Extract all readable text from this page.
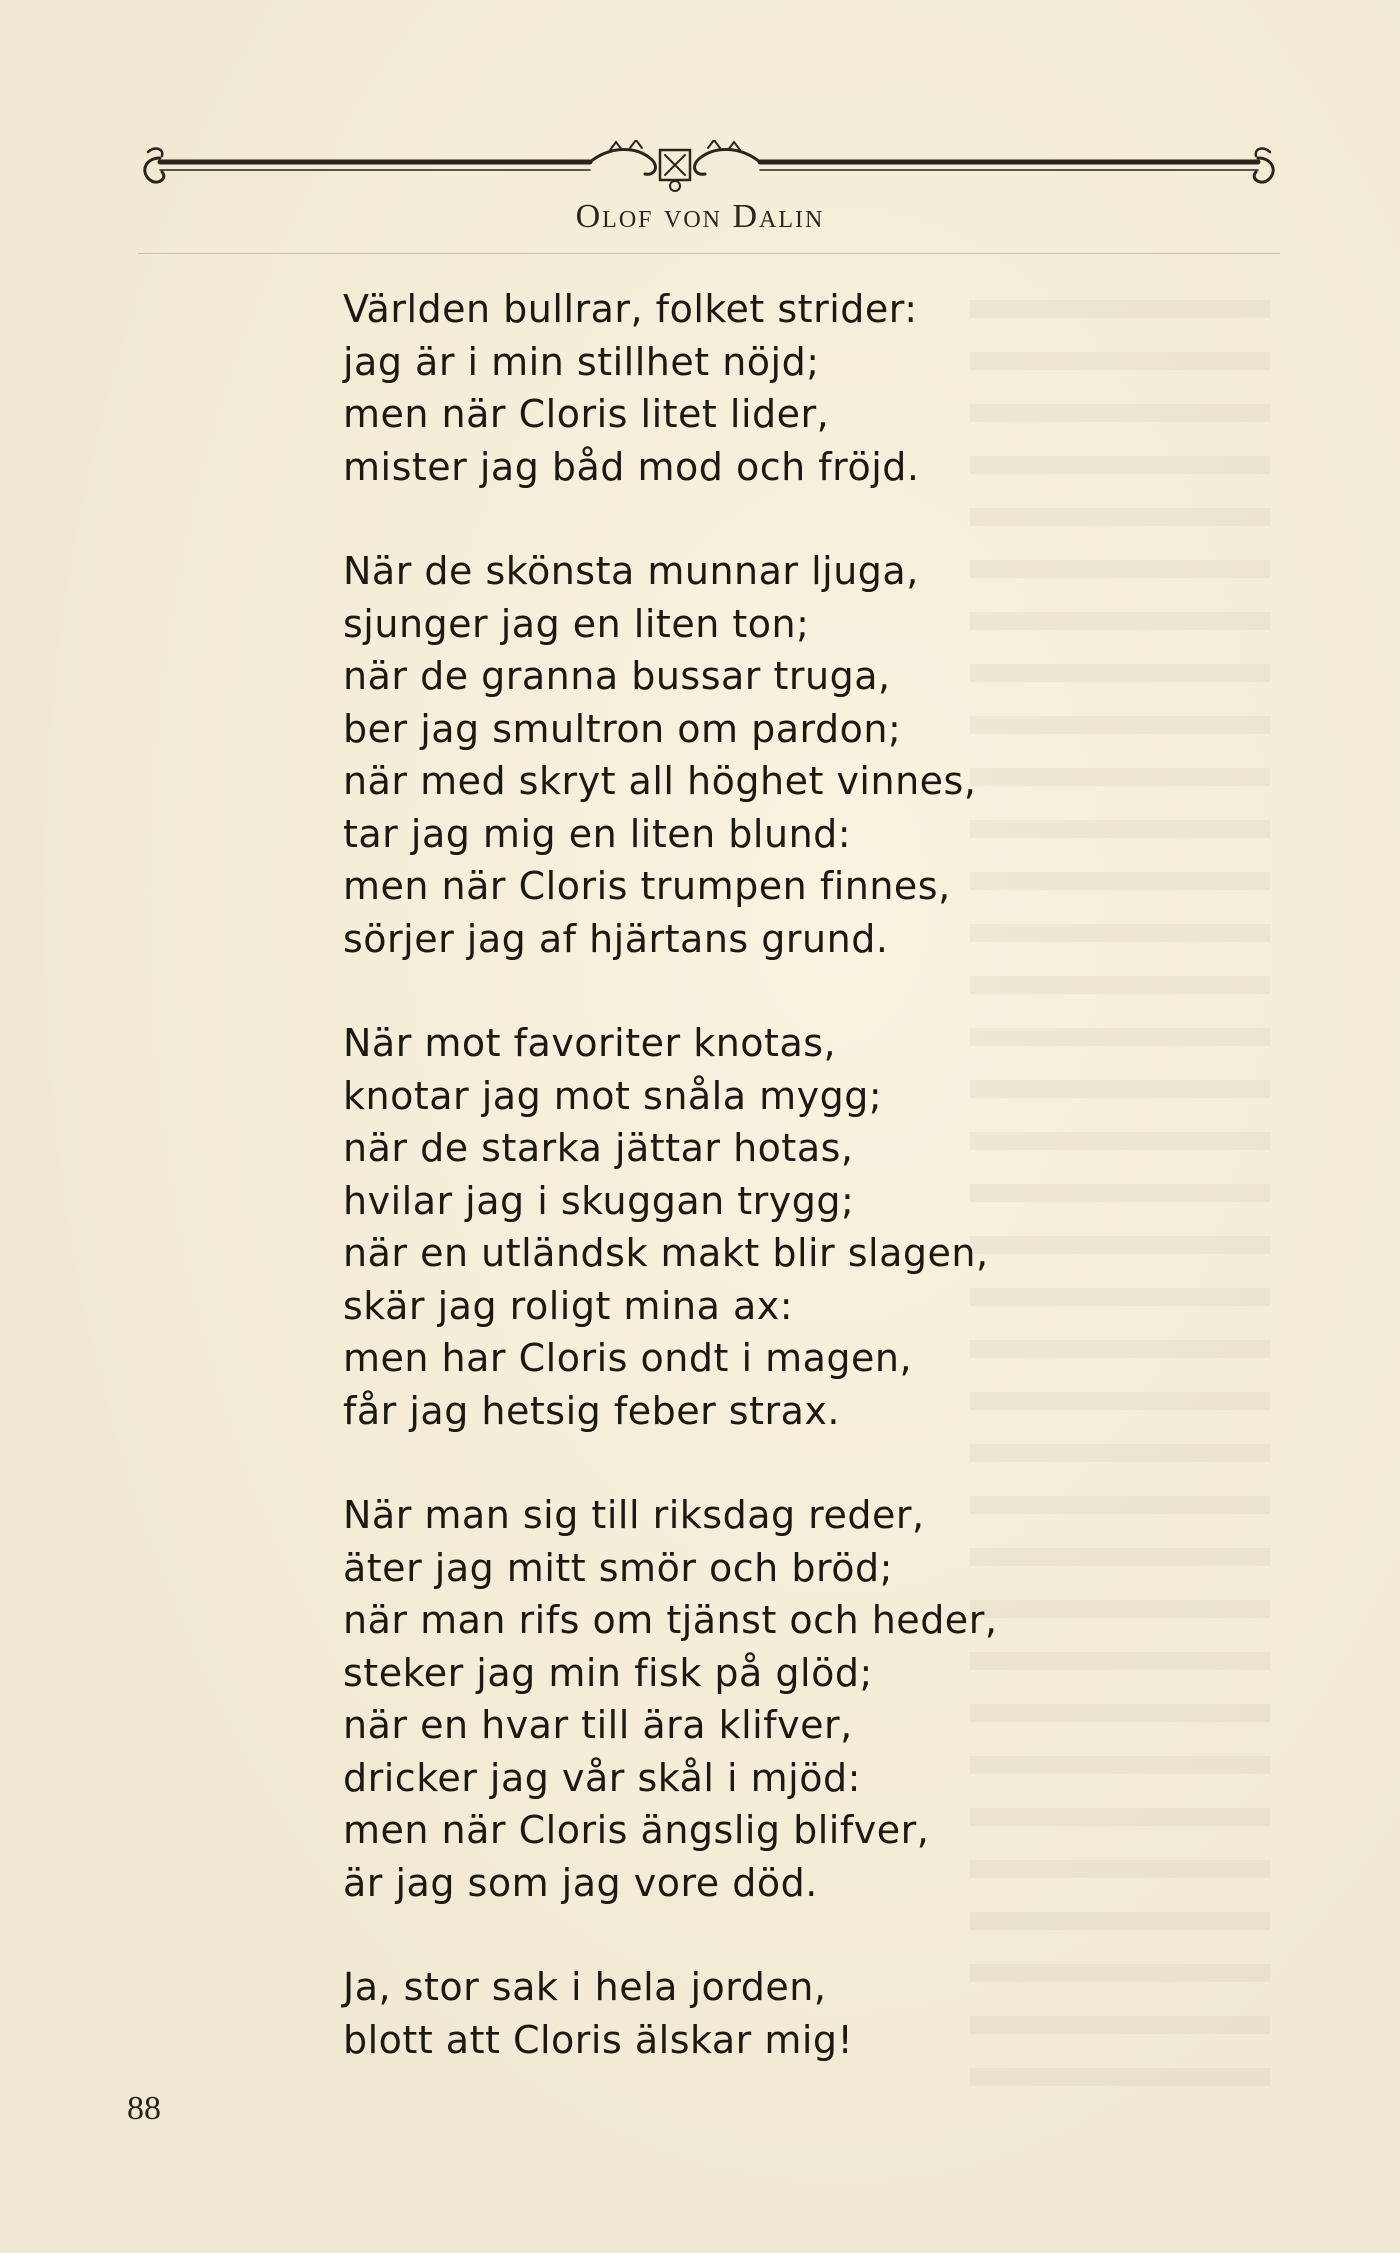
Olof von Dalin
Världen bullrar, folket strider:
jag är i min stillhet nöjd;
men när Cloris litet lider,
mister jag båd mod och fröjd.
När de skönsta munnar ljuga,
sjunger jag en liten ton;
när de granna bussar truga,
ber jag smultron om pardon;
när med skryt all höghet vinnes,
tar jag mig en liten blund:
men när Cloris trumpen finnes,
sörjer jag af hjärtans grund.
När mot favoriter knotas,
knotar jag mot snåla mygg;
när de starka jättar hotas,
hvilar jag i skuggan trygg;
när en utländsk makt blir slagen,
skär jag roligt mina ax:
men har Cloris ondt i magen,
får jag hetsig feber strax.
När man sig till riksdag reder,
äter jag mitt smör och bröd;
när man rifs om tjänst och heder,
steker jag min fisk på glöd;
när en hvar till ära klifver,
dricker jag vår skål i mjöd:
men när Cloris ängslig blifver,
är jag som jag vore död.
Ja, stor sak i hela jorden,
blott att Cloris älskar mig!
88
